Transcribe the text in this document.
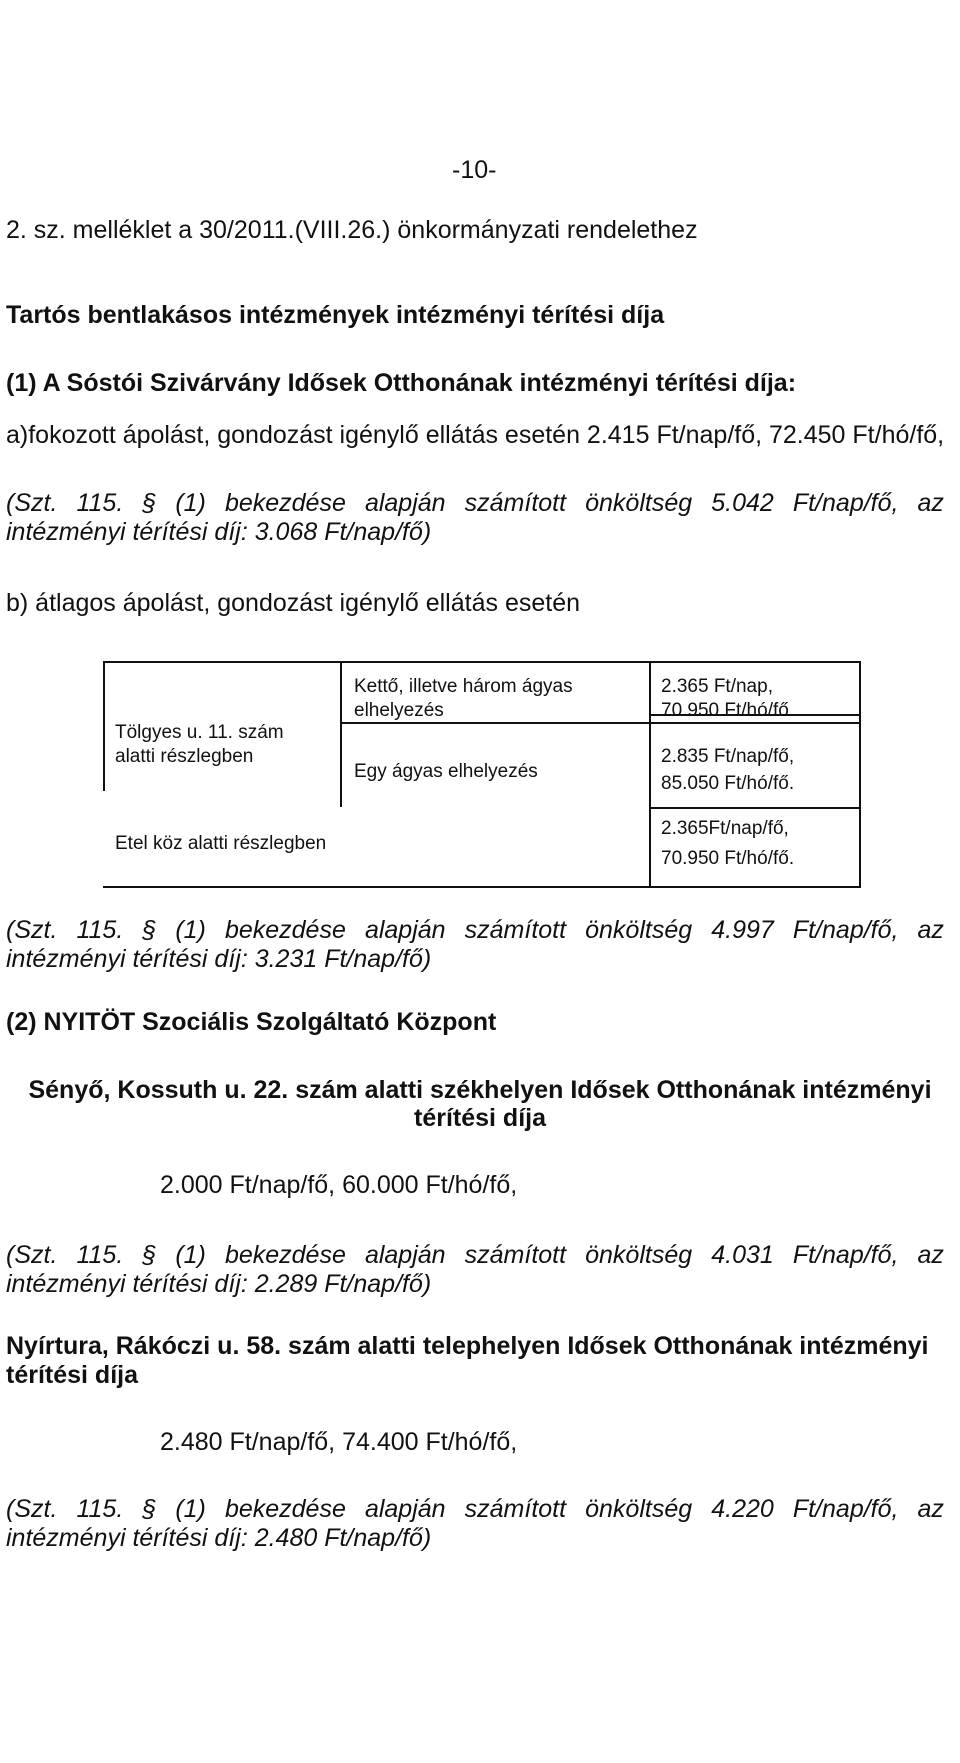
-10-
2. sz. melléklet a 30/2011.(VIII.26.) önkormányzati rendelethez
Tartós bentlakásos intézmények intézményi térítési díja
(1) A Sóstói Szivárvány Idősek Otthonának intézményi térítési díja:
a)fokozott ápolást, gondozást igénylő ellátás esetén 2.415 Ft/nap/fő, 72.450 Ft/hó/fő,
(Szt. 115. § (1) bekezdése alapján számított önköltség 5.042 Ft/nap/fő, az
intézményi térítési díj: 3.068 Ft/nap/fő)
b) átlagos ápolást, gondozást igénylő ellátás esetén
Tölgyes u. 11. szám
alatti részlegben
Kettő, illetve három ágyas
elhelyezés
2.365 Ft/nap,
70.950 Ft/hó/fő
Egy ágyas elhelyezés
2.835 Ft/nap/fő,
85.050 Ft/hó/fő.
Etel köz alatti részlegben
2.365Ft/nap/fő,
70.950 Ft/hó/fő.
(Szt. 115. § (1) bekezdése alapján számított önköltség 4.997 Ft/nap/fő, az
intézményi térítési díj: 3.231 Ft/nap/fő)
(2) NYITÖT Szociális Szolgáltató Központ
Sényő, Kossuth u. 22. szám alatti székhelyen Idősek Otthonának intézményi
térítési díja
2.000 Ft/nap/fő, 60.000 Ft/hó/fő,
(Szt. 115. § (1) bekezdése alapján számított önköltség 4.031 Ft/nap/fő, az
intézményi térítési díj: 2.289 Ft/nap/fő)
Nyírtura, Rákóczi u. 58. szám alatti telephelyen Idősek Otthonának intézményi
térítési díja
2.480 Ft/nap/fő, 74.400 Ft/hó/fő,
(Szt. 115. § (1) bekezdése alapján számított önköltség 4.220 Ft/nap/fő, az
intézményi térítési díj: 2.480 Ft/nap/fő)
